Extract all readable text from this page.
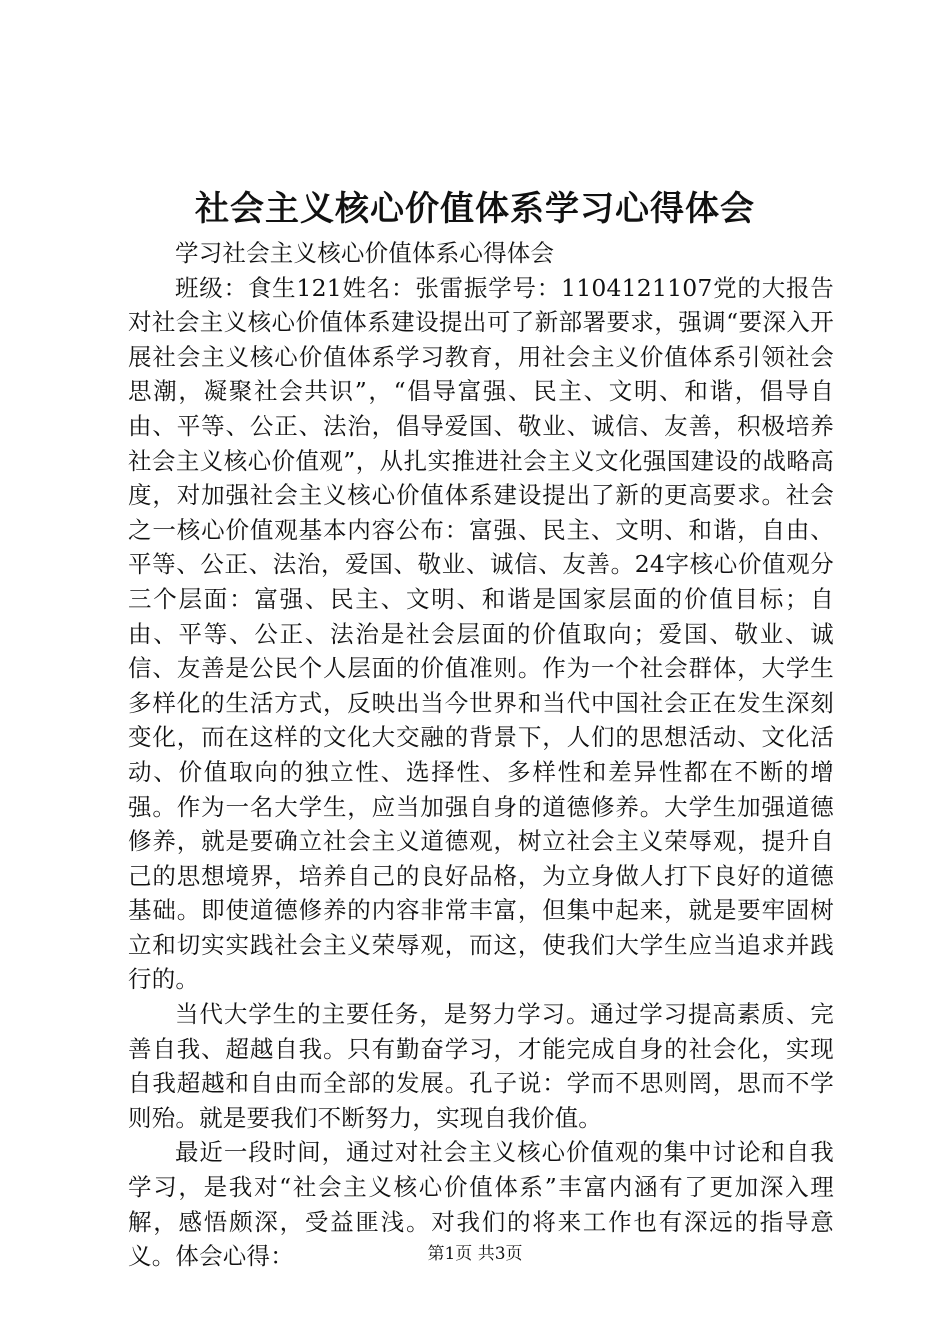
社会主义核心价值体系学习心得体会

学习社会主义核心价值体系心得体会

班级：食生121姓名：张雷振学号：1104121107党的大报告对社会主义核心价值体系建设提出可了新部署要求，强调“要深入开展社会主义核心价值体系学习教育，用社会主义价值体系引领社会思潮，凝聚社会共识”，“倡导富强、民主、文明、和谐，倡导自由、平等、公正、法治，倡导爱国、敬业、诚信、友善，积极培养社会主义核心价值观”，从扎实推进社会主义文化强国建设的战略高度，对加强社会主义核心价值体系建设提出了新的更高要求。社会之一核心价值观基本内容公布：富强、民主、文明、和谐，自由、平等、公正、法治，爱国、敬业、诚信、友善。24字核心价值观分三个层面：富强、民主、文明、和谐是国家层面的价值目标；自由、平等、公正、法治是社会层面的价值取向；爱国、敬业、诚信、友善是公民个人层面的价值准则。作为一个社会群体，大学生多样化的生活方式，反映出当今世界和当代中国社会正在发生深刻变化，而在这样的文化大交融的背景下，人们的思想活动、文化活动、价值取向的独立性、选择性、多样性和差异性都在不断的增强。作为一名大学生，应当加强自身的道德修养。大学生加强道德修养，就是要确立社会主义道德观，树立社会主义荣辱观，提升自己的思想境界，培养自己的良好品格，为立身做人打下良好的道德基础。即使道德修养的内容非常丰富，但集中起来，就是要牢固树立和切实实践社会主义荣辱观，而这，使我们大学生应当追求并践行的。

当代大学生的主要任务，是努力学习。通过学习提高素质、完善自我、超越自我。只有勤奋学习，才能完成自身的社会化，实现自我超越和自由而全部的发展。孔子说：学而不思则罔，思而不学则殆。就是要我们不断努力，实现自我价值。

最近一段时间，通过对社会主义核心价值观的集中讨论和自我学习，是我对“社会主义核心价值体系”丰富内涵有了更加深入理解，感悟颇深，受益匪浅。对我们的将来工作也有深远的指导意义。体会心得：	第1页 共3页
